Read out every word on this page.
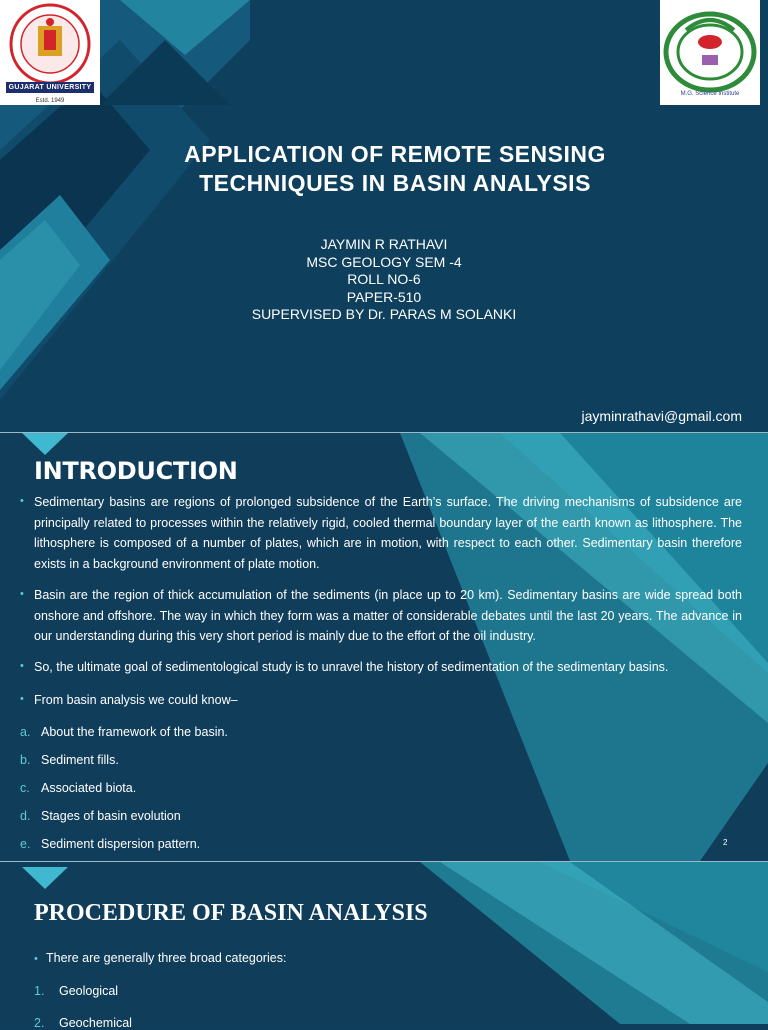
GUJARAT UNIVERSITY
Estd. 1949
M.G. Science Institute
APPLICATION OF REMOTE SENSING
TECHNIQUES IN BASIN ANALYSIS
JAYMIN R RATHAVI
MSC GEOLOGY SEM -4
ROLL NO-6
PAPER-510
SUPERVISED BY Dr. PARAS M SOLANKI
jayminrathavi@gmail.com
INTRODUCTION
• Sedimentary basins are regions of prolonged subsidence of the Earth’s surface. The driving mechanisms of subsidence are principally related to processes within the relatively rigid, cooled thermal boundary layer of the earth known as lithosphere. The lithosphere is composed of a number of plates, which are in motion, with respect to each other. Sedimentary basin therefore exists in a background environment of plate motion.
• Basin are the region of thick accumulation of the sediments (in place up to 20 km). Sedimentary basins are wide spread both onshore and offshore. The way in which they form was a matter of considerable debates until the last 20 years. The advance in our understanding during this very short period is mainly due to the effort of the oil industry.
• So, the ultimate goal of sedimentological study is to unravel the history of sedimentation of the sedimentary basins.
• From basin analysis we could know–
a. About the framework of the basin.
b. Sediment fills.
c. Associated biota.
d. Stages of basin evolution
e. Sediment dispersion pattern.	2
PROCEDURE OF BASIN ANALYSIS
• There are generally three broad categories:
1. Geological
2. Geochemical
